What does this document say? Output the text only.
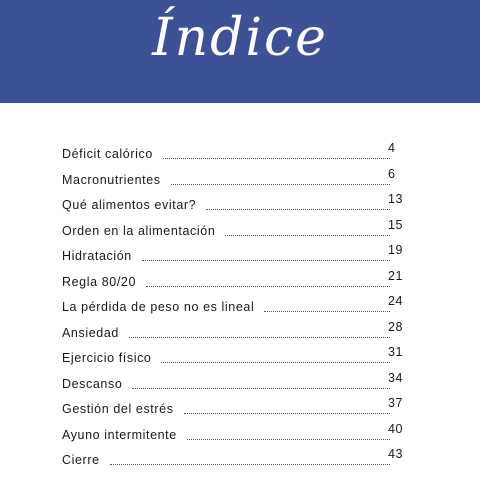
Índice
Déficit calórico	4
Macronutrientes	6
Qué alimentos evitar?	13
Orden en la alimentación	15
Hidratación	19
Regla 80/20	21
La pérdida de peso no es lineal	24
Ansiedad	28
Ejercicio físico	31
Descanso	34
Gestión del estrés	37
Ayuno intermitente	40
Cierre	43
